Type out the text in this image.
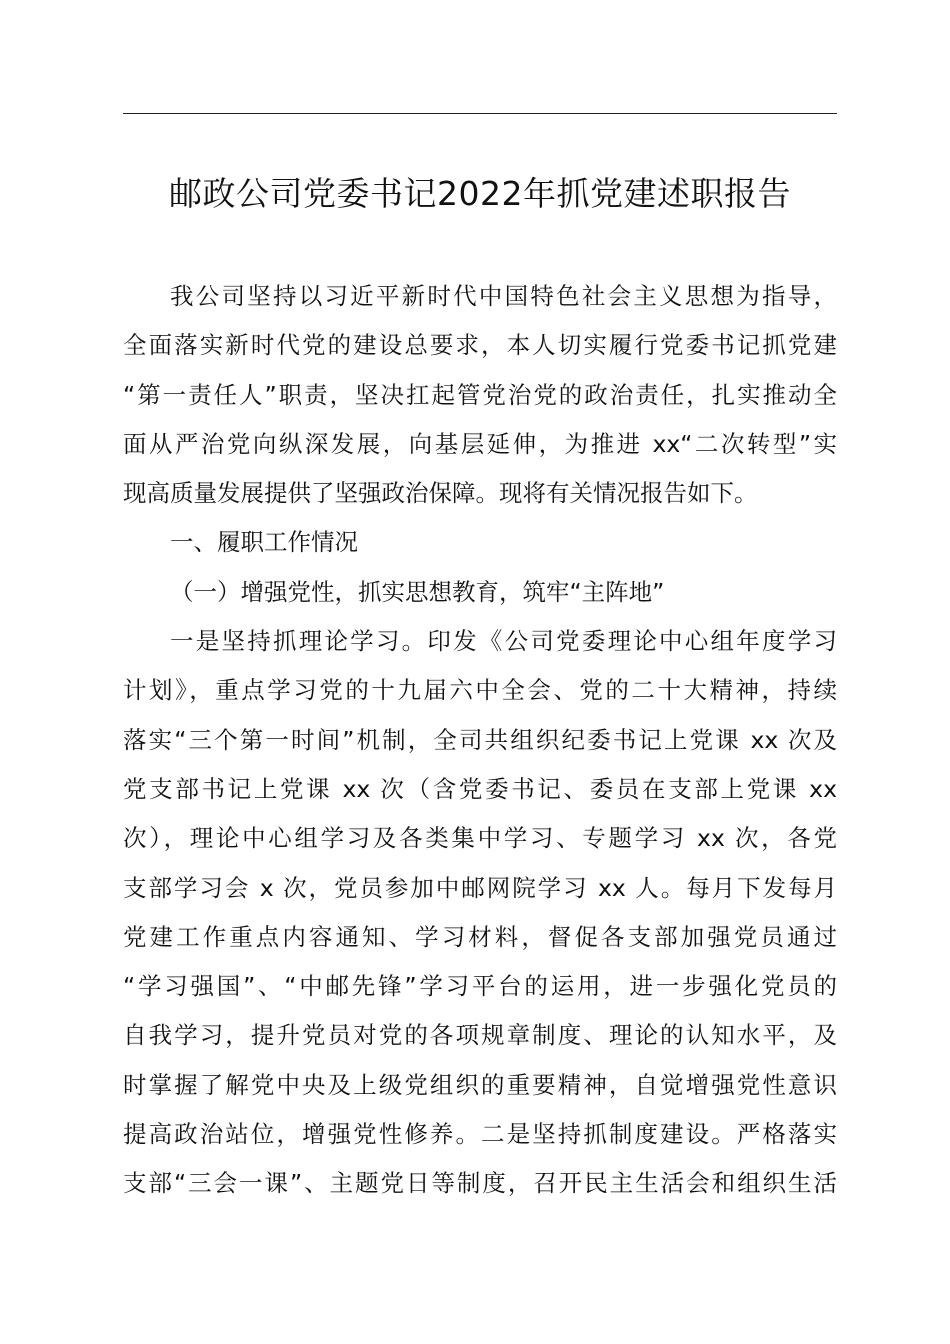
邮政公司党委书记2022年抓党建述职报告
我公司坚持以习近平新时代中国特色社会主义思想为指导，
全面落实新时代党的建设总要求，本人切实履行党委书记抓党建
“第一责任人”职责，坚决扛起管党治党的政治责任，扎实推动全
面从严治党向纵深发展，向基层延伸，为推进 xx“二次转型”实
现高质量发展提供了坚强政治保障。现将有关情况报告如下。
一、履职工作情况
（一）增强党性，抓实思想教育，筑牢“主阵地”
一是坚持抓理论学习。印发《公司党委理论中心组年度学习
计划》，重点学习党的十九届六中全会、党的二十大精神，持续
落实“三个第一时间”机制，全司共组织纪委书记上党课 xx 次及
党支部书记上党课 xx 次（含党委书记、委员在支部上党课 xx
次），理论中心组学习及各类集中学习、专题学习 xx 次，各党
支部学习会 x 次，党员参加中邮网院学习 xx 人。每月下发每月
党建工作重点内容通知、学习材料，督促各支部加强党员通过
“学习强国”、“中邮先锋”学习平台的运用，进一步强化党员的
自我学习，提升党员对党的各项规章制度、理论的认知水平，及
时掌握了解党中央及上级党组织的重要精神，自觉增强党性意识
提高政治站位，增强党性修养。二是坚持抓制度建设。严格落实
支部“三会一课”、主题党日等制度，召开民主生活会和组织生活
